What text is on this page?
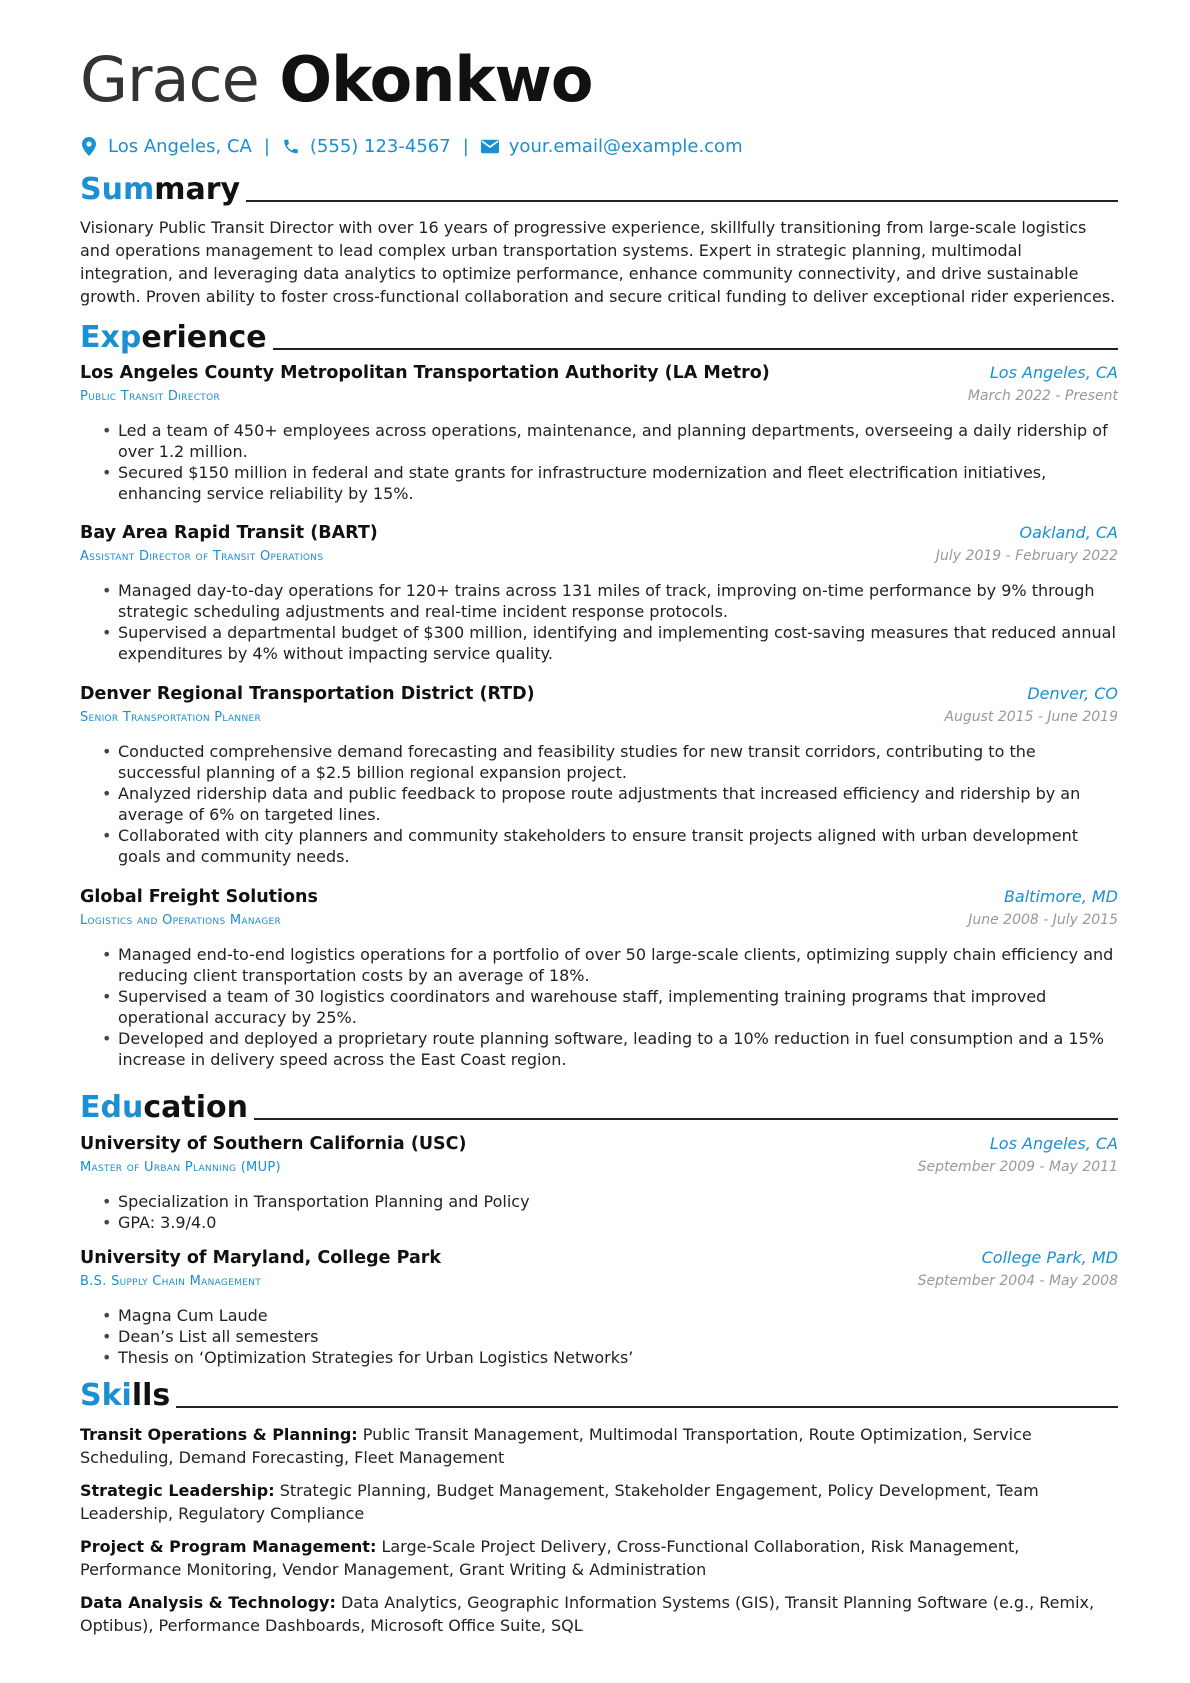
Grace Okonkwo
Los Angeles, CA | (555) 123-4567 | your.email@example.com
Summary
Visionary Public Transit Director with over 16 years of progressive experience, skillfully transitioning from large-scale logistics and operations management to lead complex urban transportation systems. Expert in strategic planning, multimodal integration, and leveraging data analytics to optimize performance, enhance community connectivity, and drive sustainable growth. Proven ability to foster cross-functional collaboration and secure critical funding to deliver exceptional rider experiences.
Experience
Los Angeles County Metropolitan Transportation Authority (LA Metro)	Los Angeles, CA
Public Transit Director	March 2022 - Present
• Led a team of 450+ employees across operations, maintenance, and planning departments, overseeing a daily ridership of over 1.2 million.
• Secured $150 million in federal and state grants for infrastructure modernization and fleet electrification initiatives, enhancing service reliability by 15%.
Bay Area Rapid Transit (BART)	Oakland, CA
Assistant Director of Transit Operations	July 2019 - February 2022
• Managed day-to-day operations for 120+ trains across 131 miles of track, improving on-time performance by 9% through strategic scheduling adjustments and real-time incident response protocols.
• Supervised a departmental budget of $300 million, identifying and implementing cost-saving measures that reduced annual expenditures by 4% without impacting service quality.
Denver Regional Transportation District (RTD)	Denver, CO
Senior Transportation Planner	August 2015 - June 2019
• Conducted comprehensive demand forecasting and feasibility studies for new transit corridors, contributing to the successful planning of a $2.5 billion regional expansion project.
• Analyzed ridership data and public feedback to propose route adjustments that increased efficiency and ridership by an average of 6% on targeted lines.
• Collaborated with city planners and community stakeholders to ensure transit projects aligned with urban development goals and community needs.
Global Freight Solutions	Baltimore, MD
Logistics and Operations Manager	June 2008 - July 2015
• Managed end-to-end logistics operations for a portfolio of over 50 large-scale clients, optimizing supply chain efficiency and reducing client transportation costs by an average of 18%.
• Supervised a team of 30 logistics coordinators and warehouse staff, implementing training programs that improved operational accuracy by 25%.
• Developed and deployed a proprietary route planning software, leading to a 10% reduction in fuel consumption and a 15% increase in delivery speed across the East Coast region.
Education
University of Southern California (USC)	Los Angeles, CA
Master of Urban Planning (MUP)	September 2009 - May 2011
• Specialization in Transportation Planning and Policy
• GPA: 3.9/4.0
University of Maryland, College Park	College Park, MD
B.S. Supply Chain Management	September 2004 - May 2008
• Magna Cum Laude
• Dean’s List all semesters
• Thesis on ‘Optimization Strategies for Urban Logistics Networks’
Skills
Transit Operations & Planning: Public Transit Management, Multimodal Transportation, Route Optimization, Service Scheduling, Demand Forecasting, Fleet Management
Strategic Leadership: Strategic Planning, Budget Management, Stakeholder Engagement, Policy Development, Team Leadership, Regulatory Compliance
Project & Program Management: Large-Scale Project Delivery, Cross-Functional Collaboration, Risk Management, Performance Monitoring, Vendor Management, Grant Writing & Administration
Data Analysis & Technology: Data Analytics, Geographic Information Systems (GIS), Transit Planning Software (e.g., Remix, Optibus), Performance Dashboards, Microsoft Office Suite, SQL
